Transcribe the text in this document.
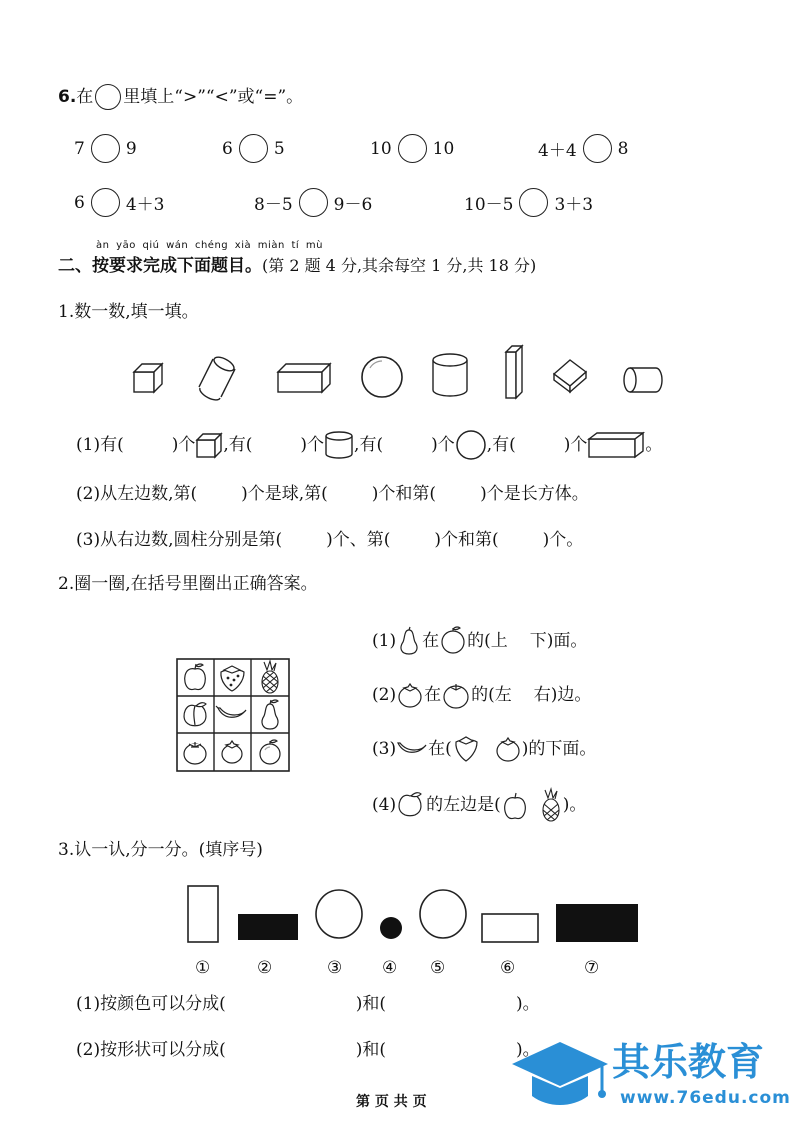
6. 在 里填上“>”“<”或“=”。
7 9	6 5	10 10	4＋4 8
6 4＋3	8－5 9－6	10－5 3＋3
àn yāo qiú wán chéng xià miàn tí mù
二、按要求完成下面题目。(第 2 题 4 分,其余每空 1 分,共 18 分)
1.数一数,填一填。
(1)有(	)个 ,有(	)个 ,有(	)个 ,有(	)个	。
(2)从左边数,第(	)个是球,第(	)个和第(	)个是长方体。
(3)从右边数,圆柱分别是第(	)个、第(	)个和第(	)个。
2.圈一圈,在括号里圈出正确答案。
(1) 在 的(上 下)面。
(2) 在 的(左 右)边。
(3) 在(	)的下面。
(4) 的左边是(	)。
3.认一认,分一分。(填序号)
①	②	③ ④ ⑤	⑥	⑦
(1)按颜色可以分成(	)和(	)。
(2)按形状可以分成(	)和(	)。
第 页 共 页
其乐教育
www.76edu.com
